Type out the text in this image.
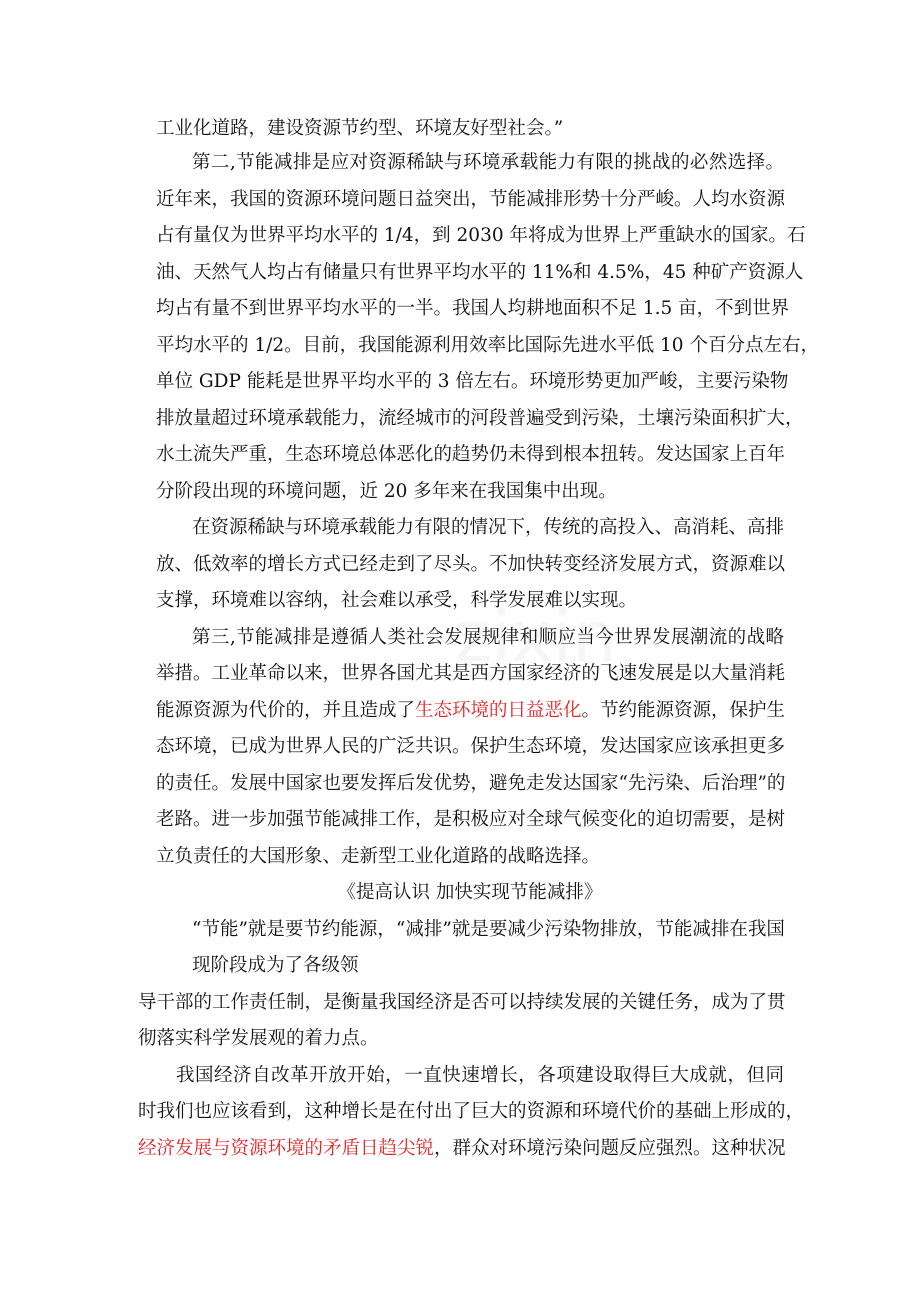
zixin
工业化道路，建设资源节约型、环境友好型社会。”
第二,节能减排是应对资源稀缺与环境承载能力有限的挑战的必然选择。
近年来，我国的资源环境问题日益突出，节能减排形势十分严峻。人均水资源
占有量仅为世界平均水平的 1/4，到 2030 年将成为世界上严重缺水的国家。石
油、天然气人均占有储量只有世界平均水平的 11%和 4.5%，45 种矿产资源人
均占有量不到世界平均水平的一半。我国人均耕地面积不足 1.5 亩，不到世界
平均水平的 1/2。目前，我国能源利用效率比国际先进水平低 10 个百分点左右，
单位 GDP 能耗是世界平均水平的 3 倍左右。环境形势更加严峻，主要污染物
排放量超过环境承载能力，流经城市的河段普遍受到污染，土壤污染面积扩大，
水土流失严重，生态环境总体恶化的趋势仍未得到根本扭转。发达国家上百年
分阶段出现的环境问题，近 20 多年来在我国集中出现。
在资源稀缺与环境承载能力有限的情况下，传统的高投入、高消耗、高排
放、低效率的增长方式已经走到了尽头。不加快转变经济发展方式，资源难以
支撑，环境难以容纳，社会难以承受，科学发展难以实现。
第三,节能减排是遵循人类社会发展规律和顺应当今世界发展潮流的战略
举措。工业革命以来，世界各国尤其是西方国家经济的飞速发展是以大量消耗
能源资源为代价的，并且造成了生态环境的日益恶化。节约能源资源，保护生
态环境，已成为世界人民的广泛共识。保护生态环境，发达国家应该承担更多
的责任。发展中国家也要发挥后发优势，避免走发达国家“先污染、后治理”的
老路。进一步加强节能减排工作，是积极应对全球气候变化的迫切需要，是树
立负责任的大国形象、走新型工业化道路的战略选择。
《提高认识 加快实现节能减排》
“节能”就是要节约能源，“减排”就是要减少污染物排放，节能减排在我国
现阶段成为了各级领
导干部的工作责任制，是衡量我国经济是否可以持续发展的关键任务，成为了贯
彻落实科学发展观的着力点。
我国经济自改革开放开始，一直快速增长，各项建设取得巨大成就，但同
时我们也应该看到，这种增长是在付出了巨大的资源和环境代价的基础上形成的，
经济发展与资源环境的矛盾日趋尖锐，群众对环境污染问题反应强烈。这种状况
